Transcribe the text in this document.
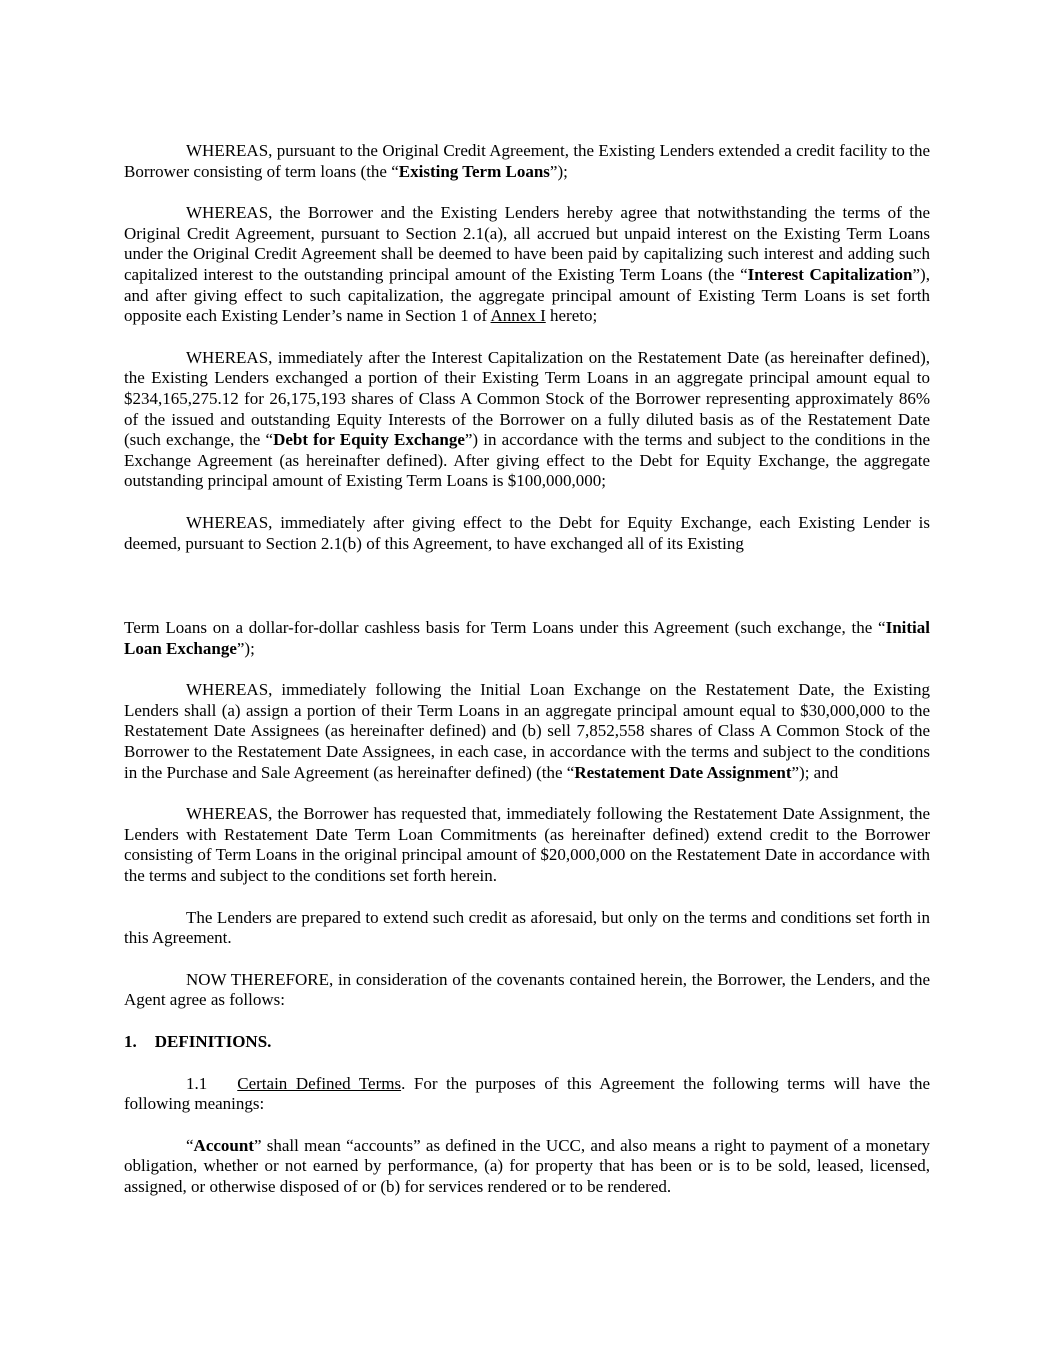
WHEREAS, pursuant to the Original Credit Agreement, the Existing Lenders extended a credit facility to the Borrower consisting of term loans (the “Existing Term Loans”);

WHEREAS, the Borrower and the Existing Lenders hereby agree that notwithstanding the terms of the Original Credit Agreement, pursuant to Section 2.1(a), all accrued but unpaid interest on the Existing Term Loans under the Original Credit Agreement shall be deemed to have been paid by capitalizing such interest and adding such capitalized interest to the outstanding principal amount of the Existing Term Loans (the “Interest Capitalization”), and after giving effect to such capitalization, the aggregate principal amount of Existing Term Loans is set forth opposite each Existing Lender’s name in Section 1 of Annex I hereto;

WHEREAS, immediately after the Interest Capitalization on the Restatement Date (as hereinafter defined), the Existing Lenders exchanged a portion of their Existing Term Loans in an aggregate principal amount equal to $234,165,275.12 for 26,175,193 shares of Class A Common Stock of the Borrower representing approximately 86% of the issued and outstanding Equity Interests of the Borrower on a fully diluted basis as of the Restatement Date (such exchange, the “Debt for Equity Exchange”) in accordance with the terms and subject to the conditions in the Exchange Agreement (as hereinafter defined). After giving effect to the Debt for Equity Exchange, the aggregate outstanding principal amount of Existing Term Loans is $100,000,000;

WHEREAS, immediately after giving effect to the Debt for Equity Exchange, each Existing Lender is deemed, pursuant to Section 2.1(b) of this Agreement, to have exchanged all of its Existing

Term Loans on a dollar-for-dollar cashless basis for Term Loans under this Agreement (such exchange, the “Initial Loan Exchange”);

WHEREAS, immediately following the Initial Loan Exchange on the Restatement Date, the Existing Lenders shall (a) assign a portion of their Term Loans in an aggregate principal amount equal to $30,000,000 to the Restatement Date Assignees (as hereinafter defined) and (b) sell 7,852,558 shares of Class A Common Stock of the Borrower to the Restatement Date Assignees, in each case, in accordance with the terms and subject to the conditions in the Purchase and Sale Agreement (as hereinafter defined) (the “Restatement Date Assignment”); and

WHEREAS, the Borrower has requested that, immediately following the Restatement Date Assignment, the Lenders with Restatement Date Term Loan Commitments (as hereinafter defined) extend credit to the Borrower consisting of Term Loans in the original principal amount of $20,000,000 on the Restatement Date in accordance with the terms and subject to the conditions set forth herein.

The Lenders are prepared to extend such credit as aforesaid, but only on the terms and conditions set forth in this Agreement.

NOW THEREFORE, in consideration of the covenants contained herein, the Borrower, the Lenders, and the Agent agree as follows:

1. DEFINITIONS.

1.1 Certain Defined Terms. For the purposes of this Agreement the following terms will have the following meanings:

“Account” shall mean “accounts” as defined in the UCC, and also means a right to payment of a monetary obligation, whether or not earned by performance, (a) for property that has been or is to be sold, leased, licensed, assigned, or otherwise disposed of or (b) for services rendered or to be rendered.
